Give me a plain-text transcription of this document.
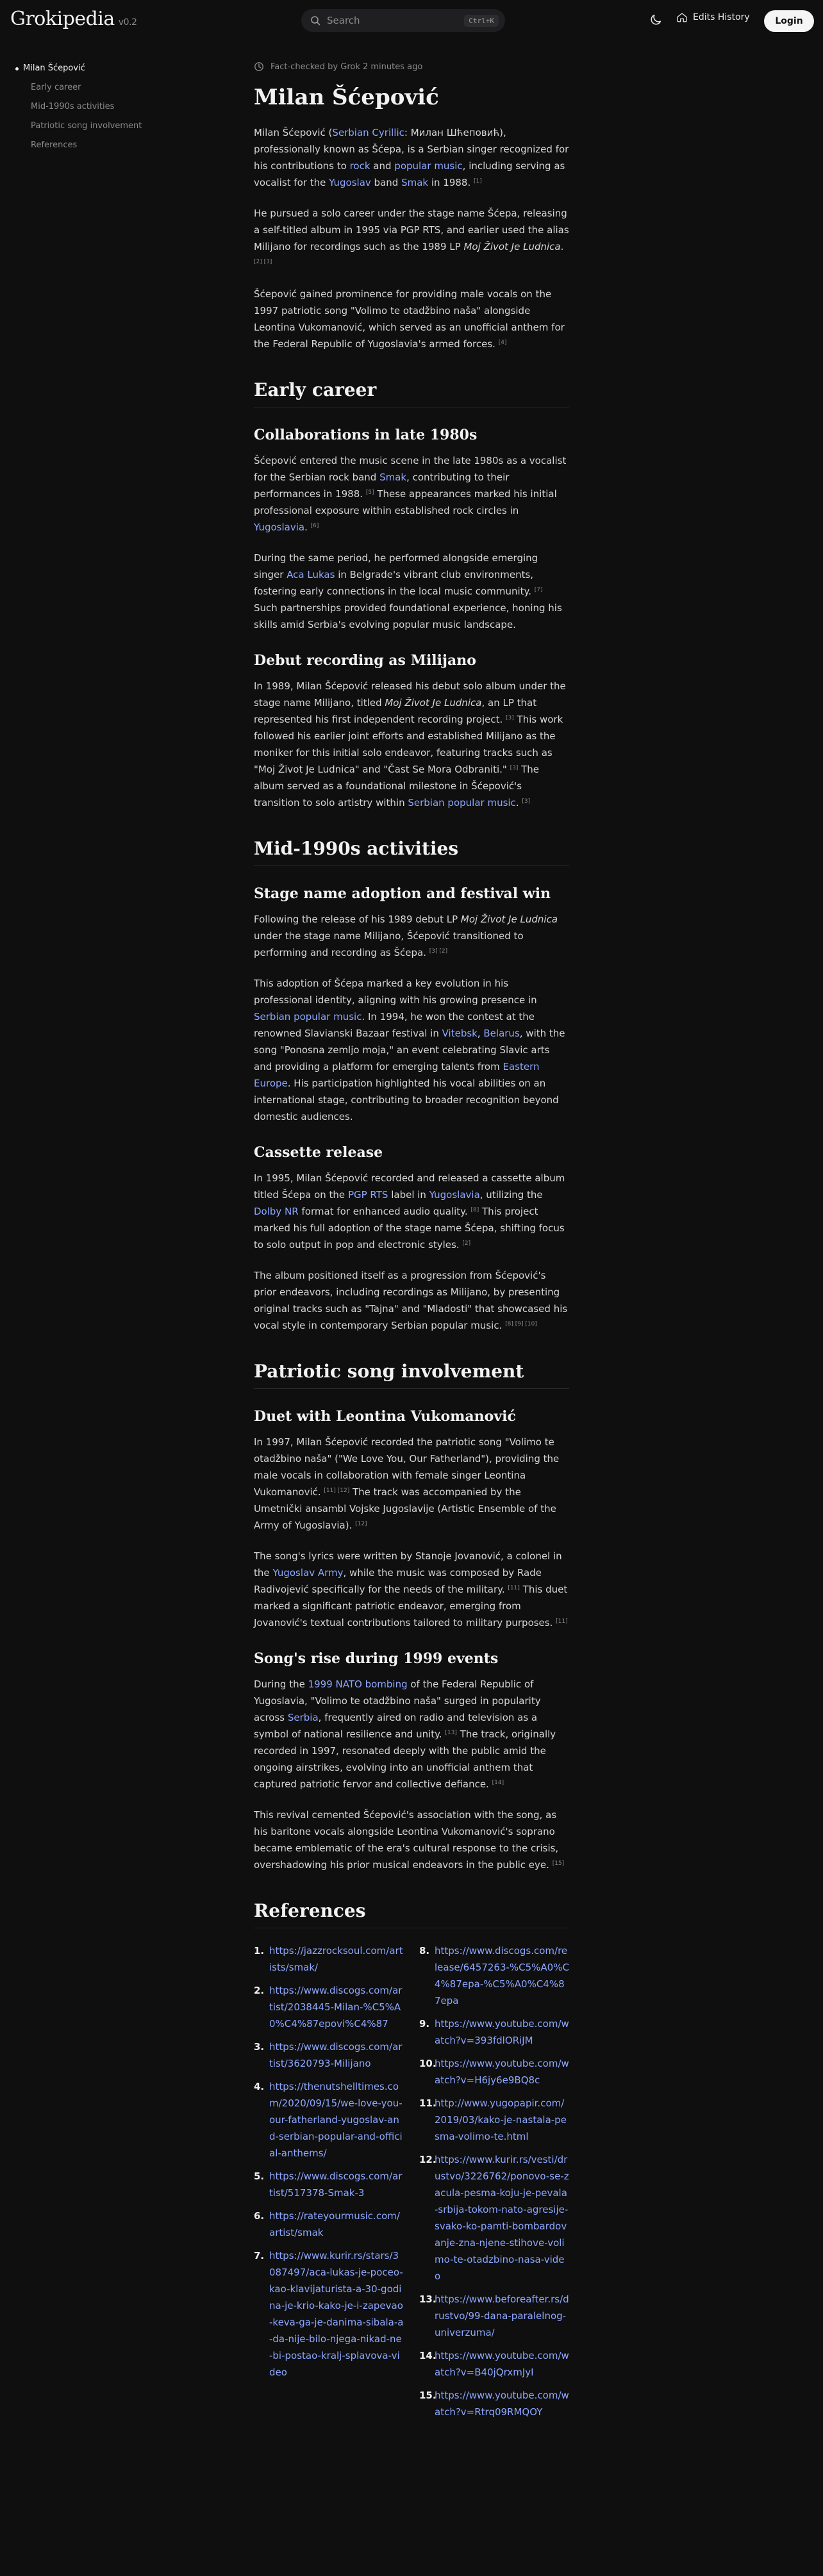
Grokipedia v0.2	Search	Ctrl+K	Edits History	Login
Milan Šćepović
Early career
Mid-1990s activities
Patriotic song involvement
References
Fact-checked by Grok 2 minutes ago
Milan Šćepović

Milan Šćepović (Serbian Cyrillic: Милан Шћеповић), professionally known as Šćepa, is a Serbian singer recognized for his contributions to rock and popular music, including serving as vocalist for the Yugoslav band Smak in 1988. [1]

He pursued a solo career under the stage name Šćepa, releasing a self-titled album in 1995 via PGP RTS, and earlier used the alias Milijano for recordings such as the 1989 LP Moj Život Je Ludnica. [2] [3]

Šćepović gained prominence for providing male vocals on the 1997 patriotic song "Volimo te otadžbino naša" alongside Leontina Vukomanović, which served as an unofficial anthem for the Federal Republic of Yugoslavia's armed forces. [4]

Early career
Collaborations in late 1980s

Šćepović entered the music scene in the late 1980s as a vocalist for the Serbian rock band Smak, contributing to their performances in 1988. [5] These appearances marked his initial professional exposure within established rock circles in Yugoslavia. [6]

During the same period, he performed alongside emerging singer Aca Lukas in Belgrade's vibrant club environments, fostering early connections in the local music community. [7] Such partnerships provided foundational experience, honing his skills amid Serbia's evolving popular music landscape.

Debut recording as Milijano

In 1989, Milan Šćepović released his debut solo album under the stage name Milijano, titled Moj Život Je Ludnica, an LP that represented his first independent recording project. [3] This work followed his earlier joint efforts and established Milijano as the moniker for this initial solo endeavor, featuring tracks such as "Moj Život Je Ludnica" and "Čast Se Mora Odbraniti." [3] The album served as a foundational milestone in Šćepović's transition to solo artistry within Serbian popular music. [3]

Mid-1990s activities
Stage name adoption and festival win

Following the release of his 1989 debut LP Moj Život Je Ludnica under the stage name Milijano, Šćepović transitioned to performing and recording as Šćepa. [3] [2]

This adoption of Šćepa marked a key evolution in his professional identity, aligning with his growing presence in Serbian popular music. In 1994, he won the contest at the renowned Slavianski Bazaar festival in Vitebsk, Belarus, with the song "Ponosna zemljo moja," an event celebrating Slavic arts and providing a platform for emerging talents from Eastern Europe. His participation highlighted his vocal abilities on an international stage, contributing to broader recognition beyond domestic audiences.

Cassette release

In 1995, Milan Šćepović recorded and released a cassette album titled Šćepa on the PGP RTS label in Yugoslavia, utilizing the Dolby NR format for enhanced audio quality. [8] This project marked his full adoption of the stage name Šćepa, shifting focus to solo output in pop and electronic styles. [2]

The album positioned itself as a progression from Šćepović's prior endeavors, including recordings as Milijano, by presenting original tracks such as "Tajna" and "Mladosti" that showcased his vocal style in contemporary Serbian popular music. [8] [9] [10]

Patriotic song involvement
Duet with Leontina Vukomanović

In 1997, Milan Šćepović recorded the patriotic song "Volimo te otadžbino naša" ("We Love You, Our Fatherland"), providing the male vocals in collaboration with female singer Leontina Vukomanović. [11] [12] The track was accompanied by the Umetnički ansambl Vojske Jugoslavije (Artistic Ensemble of the Army of Yugoslavia). [12]

The song's lyrics were written by Stanoje Jovanović, a colonel in the Yugoslav Army, while the music was composed by Rade Radivojević specifically for the needs of the military. [11] This duet marked a significant patriotic endeavor, emerging from Jovanović's textual contributions tailored to military purposes. [11]

Song's rise during 1999 events

During the 1999 NATO bombing of the Federal Republic of Yugoslavia, "Volimo te otadžbino naša" surged in popularity across Serbia, frequently aired on radio and television as a symbol of national resilience and unity. [13] The track, originally recorded in 1997, resonated deeply with the public amid the ongoing airstrikes, evolving into an unofficial anthem that captured patriotic fervor and collective defiance. [14]

This revival cemented Šćepović's association with the song, as his baritone vocals alongside Leontina Vukomanović's soprano became emblematic of the era's cultural response to the crisis, overshadowing his prior musical endeavors in the public eye. [15]

References
1. https://jazzrocksoul.com/artists/smak/
2. https://www.discogs.com/artist/2038445-Milan-%C5%A0%C4%87epovi%C4%87
3. https://www.discogs.com/artist/3620793-Milijano
4. https://thenutshelltimes.com/2020/09/15/we-love-you-our-fatherland-yugoslav-and-serbian-popular-and-official-anthems/
5. https://www.discogs.com/artist/517378-Smak-3
6. https://rateyourmusic.com/artist/smak
7. https://www.kurir.rs/stars/3087497/aca-lukas-je-poceo-kao-klavijaturista-a-30-godina-je-krio-kako-je-i-zapevao-keva-ga-je-danima-sibala-a-da-nije-bilo-njega-nikad-ne-bi-postao-kralj-splavova-video
8. https://www.discogs.com/release/6457263-%C5%A0%C4%87epa-%C5%A0%C4%87epa
9. https://www.youtube.com/watch?v=393fdlORiJM
10.
https://www.youtube.com/watch?v=H6jy6e9BQ8c
11.
http://www.yugopapir.com/2019/03/kako-je-nastala-pesma-volimo-te.html
12.
https://www.kurir.rs/vesti/drustvo/3226762/ponovo-se-zacula-pesma-koju-je-pevala-srbija-tokom-nato-agresije-svako-ko-pamti-bombardovanje-zna-njene-stihove-volimo-te-otadzbino-nasa-video
13.
https://www.beforeafter.rs/drustvo/99-dana-paralelnog-univerzuma/
14.
https://www.youtube.com/watch?v=B40jQrxmJyI
15.
https://www.youtube.com/watch?v=Rtrq09RMQOY
